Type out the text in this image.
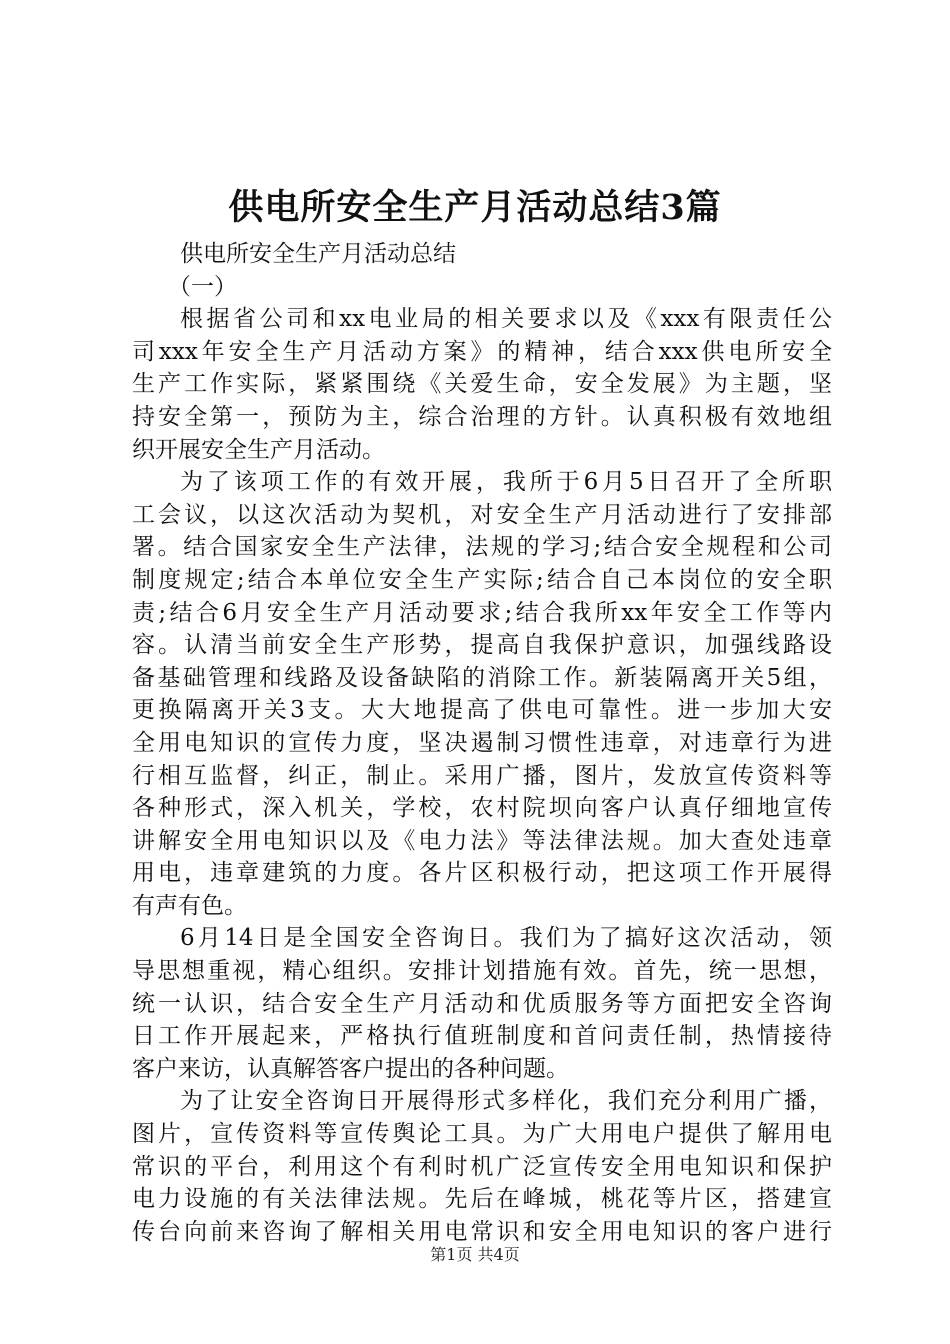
供电所安全生产月活动总结3篇
供电所安全生产月活动总结
（一）
根据省公司和xx电业局的相关要求以及《xxx有限责任公
司xxx年安全生产月活动方案》的精神，结合xxx供电所安全
生产工作实际，紧紧围绕《关爱生命，安全发展》为主题，坚
持安全第一，预防为主，综合治理的方针。认真积极有效地组
织开展安全生产月活动。
为了该项工作的有效开展，我所于6月5日召开了全所职
工会议，以这次活动为契机，对安全生产月活动进行了安排部
署。结合国家安全生产法律，法规的学习;结合安全规程和公司
制度规定;结合本单位安全生产实际;结合自己本岗位的安全职
责;结合6月安全生产月活动要求;结合我所xx年安全工作等内
容。认清当前安全生产形势，提高自我保护意识，加强线路设
备基础管理和线路及设备缺陷的消除工作。新装隔离开关5组，
更换隔离开关3支。大大地提高了供电可靠性。进一步加大安
全用电知识的宣传力度，坚决遏制习惯性违章，对违章行为进
行相互监督，纠正，制止。采用广播，图片，发放宣传资料等
各种形式，深入机关，学校，农村院坝向客户认真仔细地宣传
讲解安全用电知识以及《电力法》等法律法规。加大查处违章
用电，违章建筑的力度。各片区积极行动，把这项工作开展得
有声有色。
6月14日是全国安全咨询日。我们为了搞好这次活动，领
导思想重视，精心组织。安排计划措施有效。首先，统一思想，
统一认识，结合安全生产月活动和优质服务等方面把安全咨询
日工作开展起来，严格执行值班制度和首问责任制，热情接待
客户来访，认真解答客户提出的各种问题。
为了让安全咨询日开展得形式多样化，我们充分利用广播，
图片，宣传资料等宣传舆论工具。为广大用电户提供了解用电
常识的平台，利用这个有利时机广泛宣传安全用电知识和保护
电力设施的有关法律法规。先后在峰城，桃花等片区，搭建宣
传台向前来咨询了解相关用电常识和安全用电知识的客户进行
第1页 共4页
